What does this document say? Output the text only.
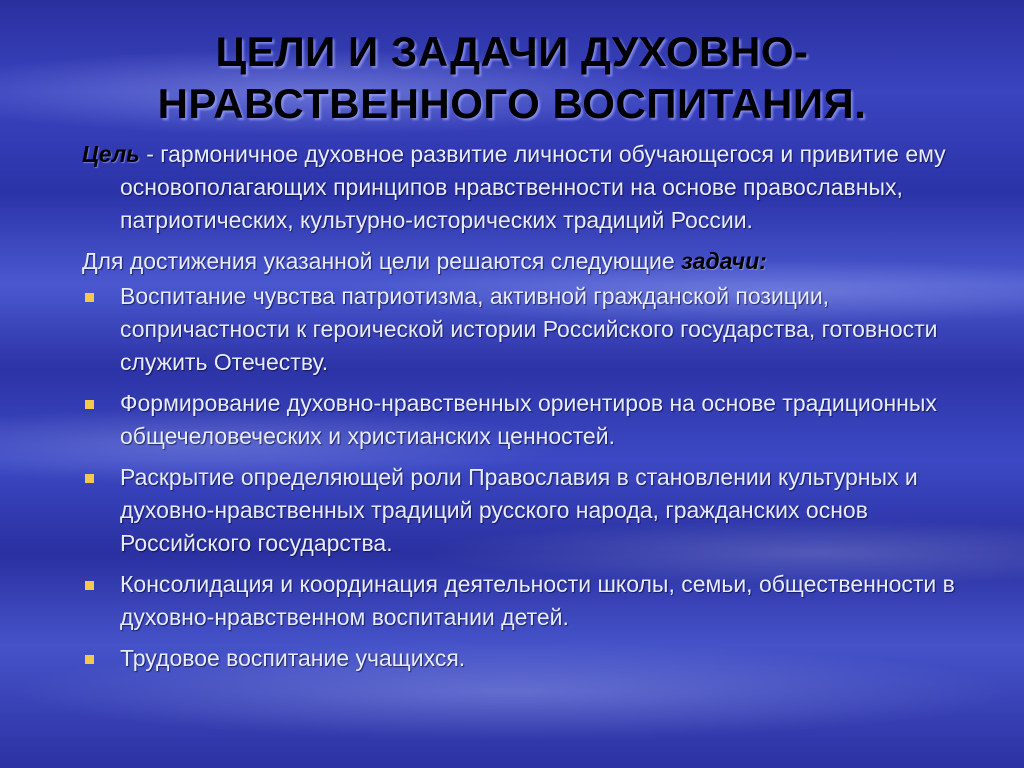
ЦЕЛИ И ЗАДАЧИ ДУХОВНО-
НРАВСТВЕННОГО ВОСПИТАНИЯ.

Цель - гармоничное духовное развитие личности обучающегося и привитие ему основополагающих принципов нравственности на основе православных, патриотических, культурно-исторических традиций России.

Для достижения указанной цели решаются следующие задачи:

Воспитание чувства патриотизма, активной гражданской позиции, сопричастности к героической истории Российского государства, готовности служить Отечеству.
Формирование духовно-нравственных ориентиров на основе традиционных общечеловеческих и христианских ценностей.
Раскрытие определяющей роли Православия в становлении культурных и духовно-нравственных традиций русского народа, гражданских основ Российского государства.
Консолидация и координация деятельности школы, семьи, общественности в духовно-нравственном воспитании детей.
Трудовое воспитание учащихся.
